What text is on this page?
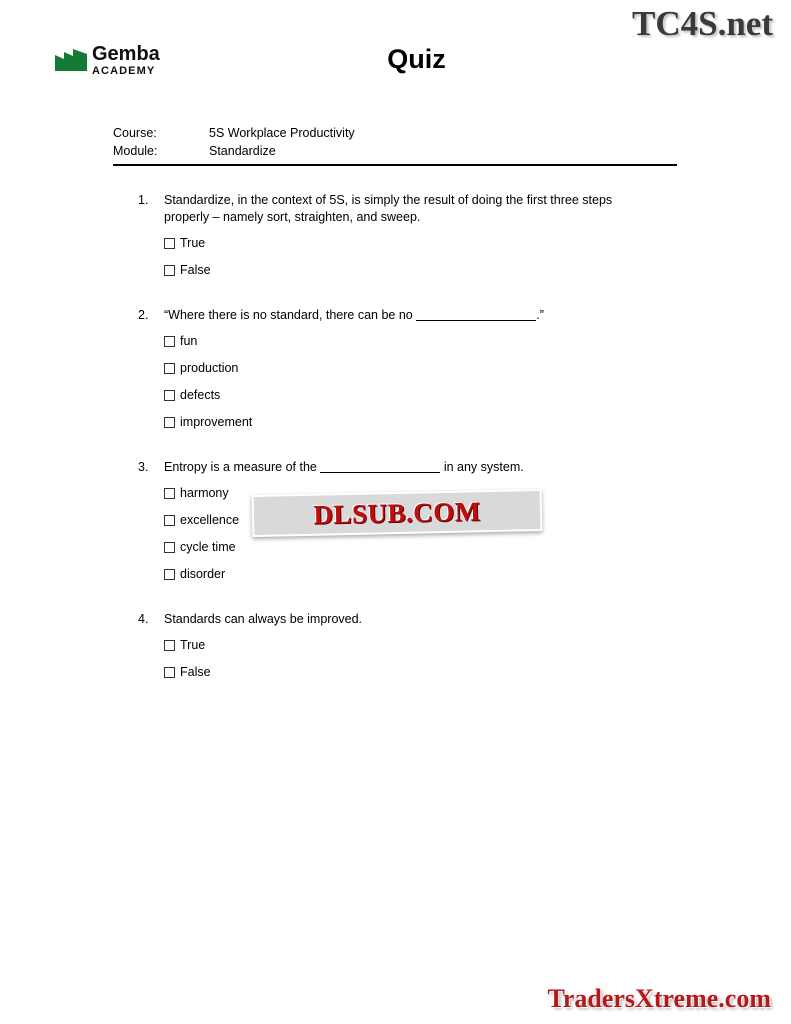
TC4S.net
Gemba
ACADEMY	Quiz
Course:	5S Workplace Productivity
Module:	Standardize
1.	Standardize, in the context of 5S, is simply the result of doing the first three steps properly – namely sort, straighten, and sweep.
True
False
2.	“Where there is no standard, there can be no	.”
fun
production
defects
improvement
3.	Entropy is a measure of the	in any system.
harmony
excellence
cycle time
disorder
4.	Standards can always be improved.
True
False
DLSUB.COM
TradersXtreme.com
